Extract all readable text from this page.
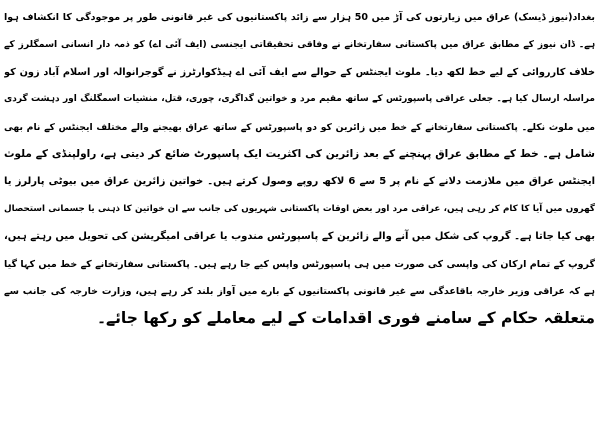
بغداد(نیوز ڈیسک) عراق میں زیارتوں کی آڑ میں 50 ہزار سے زائد پاکستانیوں کی غیر قانونی طور پر موجودگی کا انکشاف ہوا
ہے۔ ڈان نیوز کے مطابق عراق میں پاکستانی سفارتخانے نے وفاقی تحقیقاتی ایجنسی (ایف آئی اے) کو ذمہ دار انسانی اسمگلرز کے
خلاف کارروائی کے لیے خط لکھ دیا۔ ملوث ایجنٹس کے حوالے سے ایف آئی اے ہیڈکوارٹرز نے گوجرانوالہ اور اسلام آباد زون کو
مراسلہ ارسال کیا ہے۔ جعلی عراقی پاسپورٹس کے ساتھ مقیم مرد و خواتین گداگری، چوری، قتل، منشیات اسمگلنگ اور دہشت گردی
میں ملوث نکلے۔ پاکستانی سفارتخانے کے خط میں زائرین کو دو پاسپورٹس کے ساتھ عراق بھیجنے والے مختلف ایجنٹس کے نام بھی
شامل ہے۔ خط کے مطابق عراق پہنچنے کے بعد زائرین کی اکثریت ایک پاسپورٹ ضائع کر دیتی ہے، راولپنڈی کے ملوث
ایجنٹس عراق میں ملازمت دلانے کے نام پر 5 سے 6 لاکھ روپے وصول کرتے ہیں۔ خواتین زائرین عراق میں بیوٹی پارلرز یا
گھروں میں آیا کا کام کر رہی ہیں، عراقی مرد اور بعض اوقات پاکستانی شہریوں کی جانب سے ان خواتین کا ذہنی یا جسمانی استحصال
بھی کیا جاتا ہے۔ گروپ کی شکل میں آنے والے زائرین کے پاسپورٹس مندوب یا عراقی امیگریشن کی تحویل میں رہتے ہیں،
گروپ کے تمام ارکان کی واپسی کی صورت میں ہی پاسپورٹس واپس کیے جا رہے ہیں۔ پاکستانی سفارتخانے کے خط میں کہا گیا
ہے کہ عراقی وزیر خارجہ باقاعدگی سے غیر قانونی پاکستانیوں کے بارے میں آواز بلند کر رہے ہیں، وزارت خارجہ کی جانب سے
متعلقہ حکام کے سامنے فوری اقدامات کے لیے معاملے کو رکھا جائے۔
